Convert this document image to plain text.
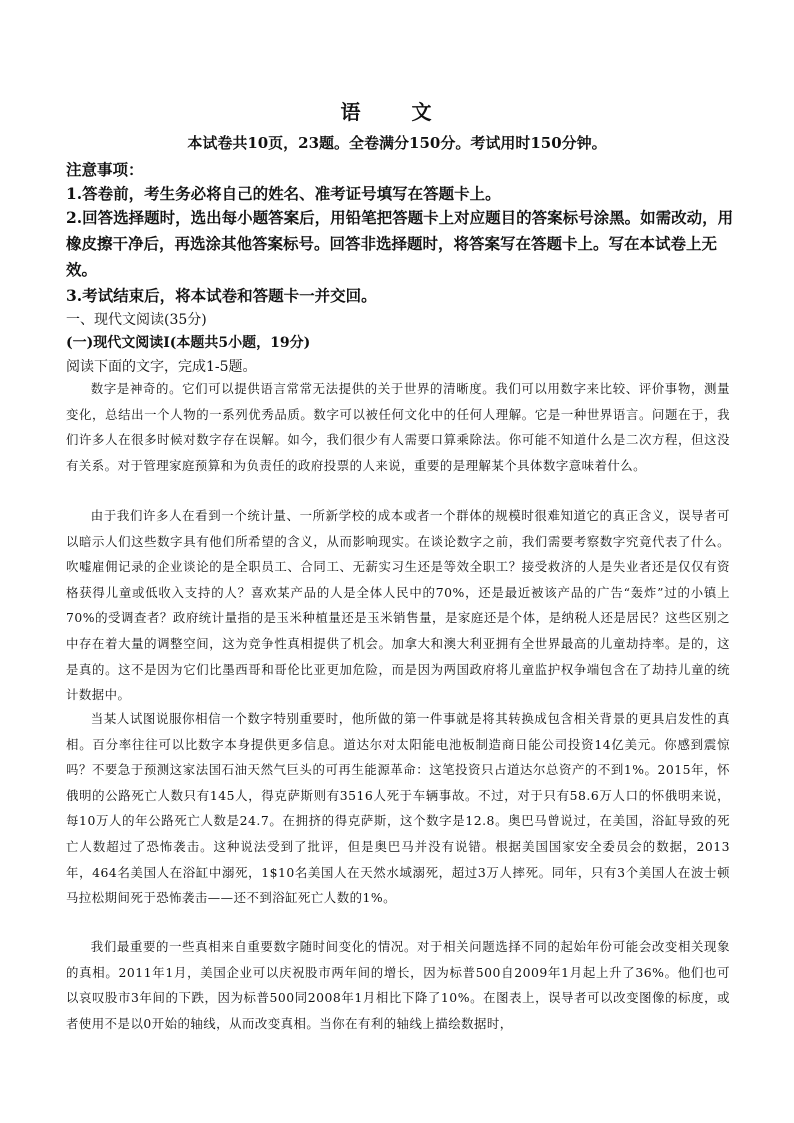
语 文
本试卷共10页，23题。全卷满分150分。考试用时150分钟。
注意事项：
1.答卷前，考生务必将自己的姓名、准考证号填写在答题卡上。
2.回答选择题时，选出每小题答案后，用铅笔把答题卡上对应题目的答案标号涂黑。如需改动，用橡皮擦干净后，再选涂其他答案标号。回答非选择题时，将答案写在答题卡上。写在本试卷上无效。
3.考试结束后，将本试卷和答题卡一并交回。
一、现代文阅读(35分)
(一)现代文阅读Ⅰ(本题共5小题，19分)
阅读下面的文字，完成1-5题。
数字是神奇的。它们可以提供语言常常无法提供的关于世界的清晰度。我们可以用数字来比较、评价事物，测量变化，总结出一个人物的一系列优秀品质。数字可以被任何文化中的任何人理解。它是一种世界语言。问题在于，我们许多人在很多时候对数字存在误解。如今，我们很少有人需要口算乘除法。你可能不知道什么是二次方程，但这没有关系。对于管理家庭预算和为负责任的政府投票的人来说，重要的是理解某个具体数字意味着什么。
由于我们许多人在看到一个统计量、一所新学校的成本或者一个群体的规模时很难知道它的真正含义，误导者可以暗示人们这些数字具有他们所希望的含义，从而影响现实。在谈论数字之前，我们需要考察数字究竟代表了什么。吹嘘雇佣记录的企业谈论的是全职员工、合同工、无薪实习生还是等效全职工？接受救济的人是失业者还是仅仅有资格获得儿童或低收入支持的人？喜欢某产品的人是全体人民中的70%，还是最近被该产品的广告“轰炸”过的小镇上70%的受调查者？政府统计量指的是玉米种植量还是玉米销售量，是家庭还是个体，是纳税人还是居民？这些区别之中存在着大量的调整空间，这为竞争性真相提供了机会。加拿大和澳大利亚拥有全世界最高的儿童劫持率。是的，这是真的。这不是因为它们比墨西哥和哥伦比亚更加危险，而是因为两国政府将儿童监护权争端包含在了劫持儿童的统计数据中。
当某人试图说服你相信一个数字特别重要时，他所做的第一件事就是将其转换成包含相关背景的更具启发性的真相。百分率往往可以比数字本身提供更多信息。道达尔对太阳能电池板制造商日能公司投资14亿美元。你感到震惊吗？不要急于预测这家法国石油天然气巨头的可再生能源革命：这笔投资只占道达尔总资产的不到1%。2015年，怀俄明的公路死亡人数只有145人，得克萨斯则有3516人死于车辆事故。不过，对于只有58.6万人口的怀俄明来说，每10万人的年公路死亡人数是24.7。在拥挤的得克萨斯，这个数字是12.8。奥巴马曾说过，在美国，浴缸导致的死亡人数超过了恐怖袭击。这种说法受到了批评，但是奥巴马并没有说错。根据美国国家安全委员会的数据，2013年，464名美国人在浴缸中溺死，1$10名美国人在天然水域溺死，超过3万人摔死。同年，只有3个美国人在波士顿马拉松期间死于恐怖袭击——还不到浴缸死亡人数的1%。
我们最重要的一些真相来自重要数字随时间变化的情况。对于相关问题选择不同的起始年份可能会改变相关现象的真相。2011年1月，美国企业可以庆祝股市两年间的增长，因为标普500自2009年1月起上升了36%。他们也可以哀叹股市3年间的下跌，因为标普500同2008年1月相比下降了10%。在图表上，误导者可以改变图像的标度，或者使用不是以0开始的轴线，从而改变真相。当你在有利的轴线上描绘数据时，
